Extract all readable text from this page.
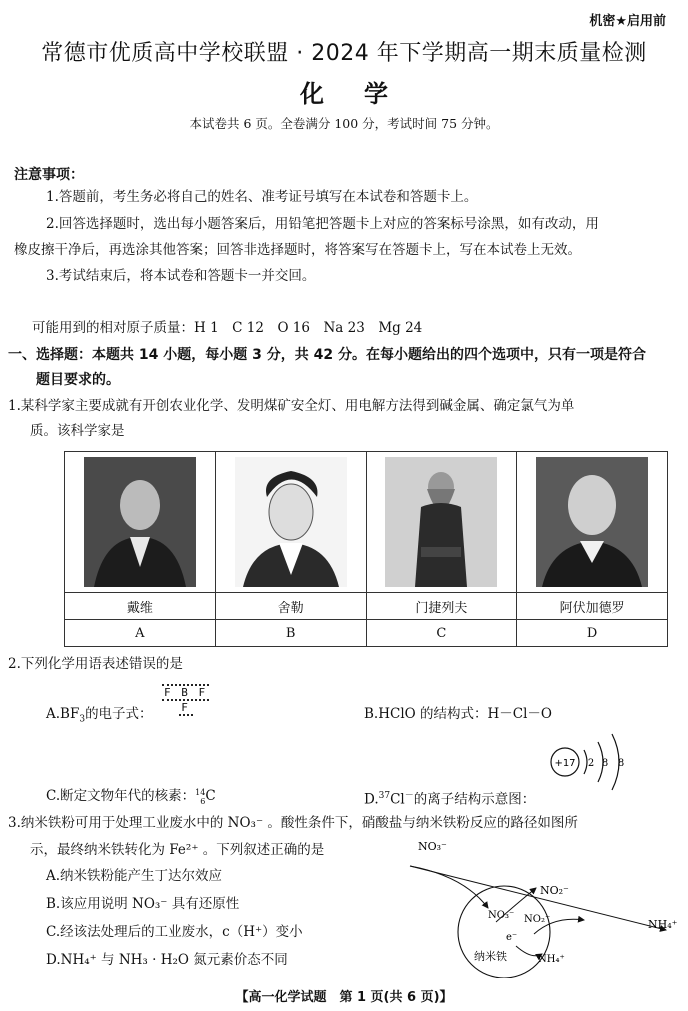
机密★启用前
常德市优质高中学校联盟 · 2024 年下学期高一期末质量检测
化学
本试卷共 6 页。全卷满分 100 分，考试时间 75 分钟。
注意事项：
1.答题前，考生务必将自己的姓名、准考证号填写在本试卷和答题卡上。
2.回答选择题时，选出每小题答案后，用铅笔把答题卡上对应的答案标号涂黑，如有改动，用
橡皮擦干净后，再选涂其他答案；回答非选择题时，将答案写在答题卡上，写在本试卷上无效。
3.考试结束后，将本试卷和答题卡一并交回。
可能用到的相对原子质量：H 1　C 12　O 16　Na 23　Mg 24
一、选择题：本题共 14 小题，每小题 3 分，共 42 分。在每小题给出的四个选项中，只有一项是符合
题目要求的。
1.某科学家主要成就有开创农业化学、发明煤矿安全灯、用电解方法得到碱金属、确定氯气为单
质。该科学家是

戴维	舍勒	门捷列夫	阿伏加德罗
A	B	C	D
2.下列化学用语表述错误的是
$A.BF_3$的电子式：
F B F
F	B.HClO 的结构式：H－Cl－O
C.断定文物年代的核素：14
6C	D.$^{37}$Cl－的离子结构示意图：
+17 2 8 8
3.纳米铁粉可用于处理工业废水中的 NO₃⁻ 。酸性条件下，硝酸盐与纳米铁粉反应的路径如图所
示，最终纳米铁转化为 Fe²⁺ 。下列叙述正确的是
A.纳米铁粉能产生丁达尔效应
B.该应用说明 NO₃⁻ 具有还原性
C.经该法处理后的工业废水，c（H⁺）变小
D.NH₄⁺ 与 NH₃ · H₂O 氮元素价态不同
NO₃⁻
NO₃⁻ NO₂⁻
e⁻
NO₂⁻
NH₄⁺
NH₄⁺
纳米铁
【高一化学试题　第 1 页(共 6 页)】
